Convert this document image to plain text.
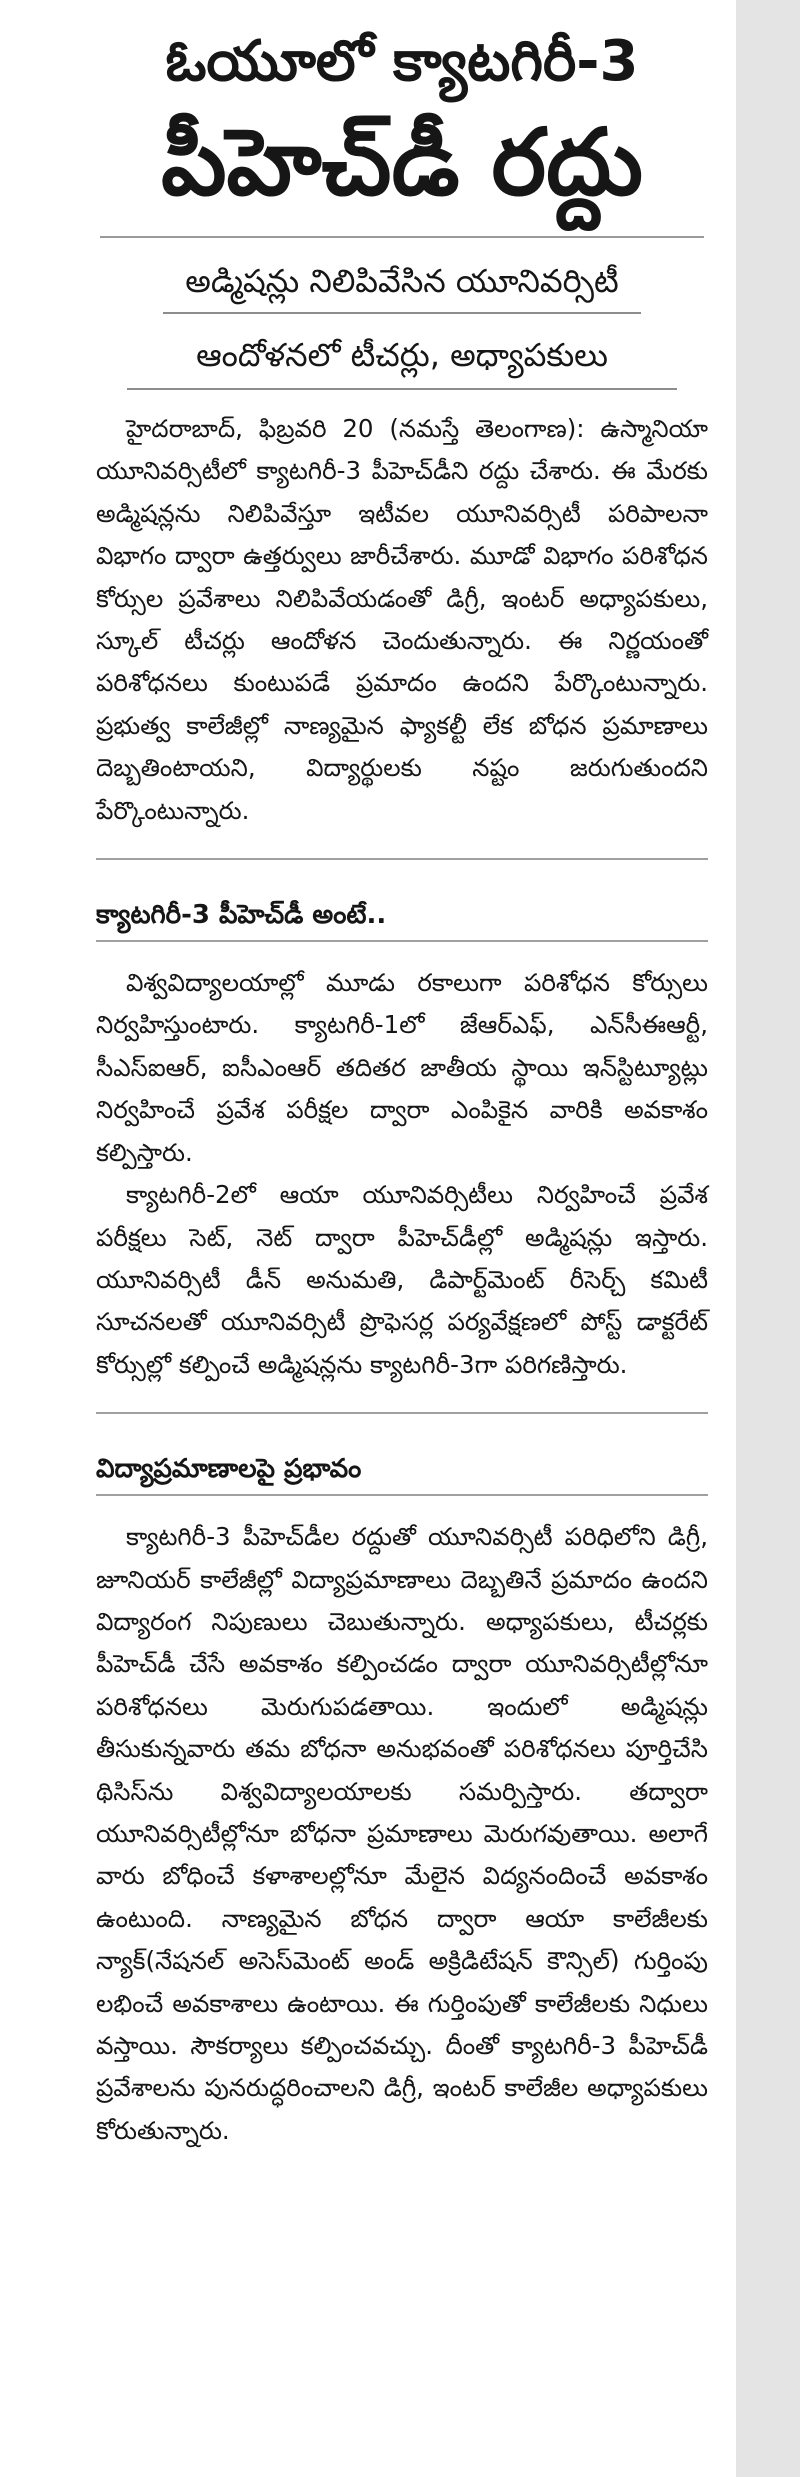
ఓయూలో క్యాటగిరీ-3
పీహెచ్‌డీ రద్దు
అడ్మిషన్లు నిలిపివేసిన యూనివర్సిటీ
ఆందోళనలో టీచర్లు, అధ్యాపకులు

హైదరాబాద్, ఫిబ్రవరి 20 (నమస్తే తెలంగాణ): ఉస్మానియా యూనివర్సిటీలో క్యాటగిరీ-3 పీహెచ్‌డీని రద్దు చేశారు. ఈ మేరకు అడ్మిషన్లను నిలిపివేస్తూ ఇటీవల యూనివర్సిటీ పరిపాలనా విభాగం ద్వారా ఉత్తర్వులు జారీచేశారు. మూడో విభాగం పరిశోధన కోర్సుల ప్రవేశాలు నిలిపివేయడంతో డిగ్రీ, ఇంటర్ అధ్యాపకులు, స్కూల్ టీచర్లు ఆందోళన చెందుతున్నారు. ఈ నిర్ణయంతో పరిశోధనలు కుంటుపడే ప్రమాదం ఉందని పేర్కొంటున్నారు. ప్రభుత్వ కాలేజీల్లో నాణ్యమైన ఫ్యాకల్టీ లేక బోధన ప్రమాణాలు దెబ్బతింటాయని, విద్యార్థులకు నష్టం జరుగుతుందని పేర్కొంటున్నారు.

క్యాటగిరీ-3 పీహెచ్‌డీ అంటే..

విశ్వవిద్యాలయాల్లో మూడు రకాలుగా పరిశోధన కోర్సులు నిర్వహిస్తుంటారు. క్యాటగిరీ-1లో జేఆర్ఎఫ్, ఎన్‌సీఈఆర్టీ, సీఎస్ఐఆర్, ఐసీఎంఆర్ తదితర జాతీయ స్థాయి ఇన్‌స్టిట్యూట్లు నిర్వహించే ప్రవేశ పరీక్షల ద్వారా ఎంపికైన వారికి అవకాశం కల్పిస్తారు.

క్యాటగిరీ-2లో ఆయా యూనివర్సిటీలు నిర్వహించే ప్రవేశ పరీక్షలు సెట్, నెట్ ద్వారా పీహెచ్‌డీల్లో అడ్మిషన్లు ఇస్తారు. యూనివర్సిటీ డీన్ అనుమతి, డిపార్ట్‌మెంట్ రీసెర్చ్ కమిటీ సూచనలతో యూనివర్సిటీ ప్రొఫెసర్ల పర్యవేక్షణలో పోస్ట్ డాక్టరేట్ కోర్సుల్లో కల్పించే అడ్మిషన్లను క్యాటగిరీ-3గా పరిగణిస్తారు.

విద్యాప్రమాణాలపై ప్రభావం

క్యాటగిరీ-3 పీహెచ్‌డీల రద్దుతో యూనివర్సిటీ పరిధిలోని డిగ్రీ, జూనియర్ కాలేజీల్లో విద్యాప్రమాణాలు దెబ్బతినే ప్రమాదం ఉందని విద్యారంగ నిపుణులు చెబుతున్నారు. అధ్యాపకులు, టీచర్లకు పీహెచ్‌డీ చేసే అవకాశం కల్పించడం ద్వారా యూనివర్సిటీల్లోనూ పరిశోధనలు మెరుగుపడతాయి. ఇందులో అడ్మిషన్లు తీసుకున్నవారు తమ బోధనా అనుభవంతో పరిశోధనలు పూర్తిచేసి థిసిస్‌ను విశ్వవిద్యాలయాలకు సమర్పిస్తారు. తద్వారా యూనివర్సిటీల్లోనూ బోధనా ప్రమాణాలు మెరుగవుతాయి. అలాగే వారు బోధించే కళాశాలల్లోనూ మేలైన విద్యనందించే అవకాశం ఉంటుంది. నాణ్యమైన బోధన ద్వారా ఆయా కాలేజీలకు న్యాక్(నేషనల్ అసెస్‌మెంట్ అండ్ అక్రిడిటేషన్ కౌన్సిల్) గుర్తింపు లభించే అవకాశాలు ఉంటాయి. ఈ గుర్తింపుతో కాలేజీలకు నిధులు వస్తాయి. సౌకర్యాలు కల్పించవచ్చు. దీంతో క్యాటగిరీ-3 పీహెచ్‌డీ ప్రవేశాలను పునరుద్ధరించాలని డిగ్రీ, ఇంటర్ కాలేజీల అధ్యాపకులు కోరుతున్నారు.
